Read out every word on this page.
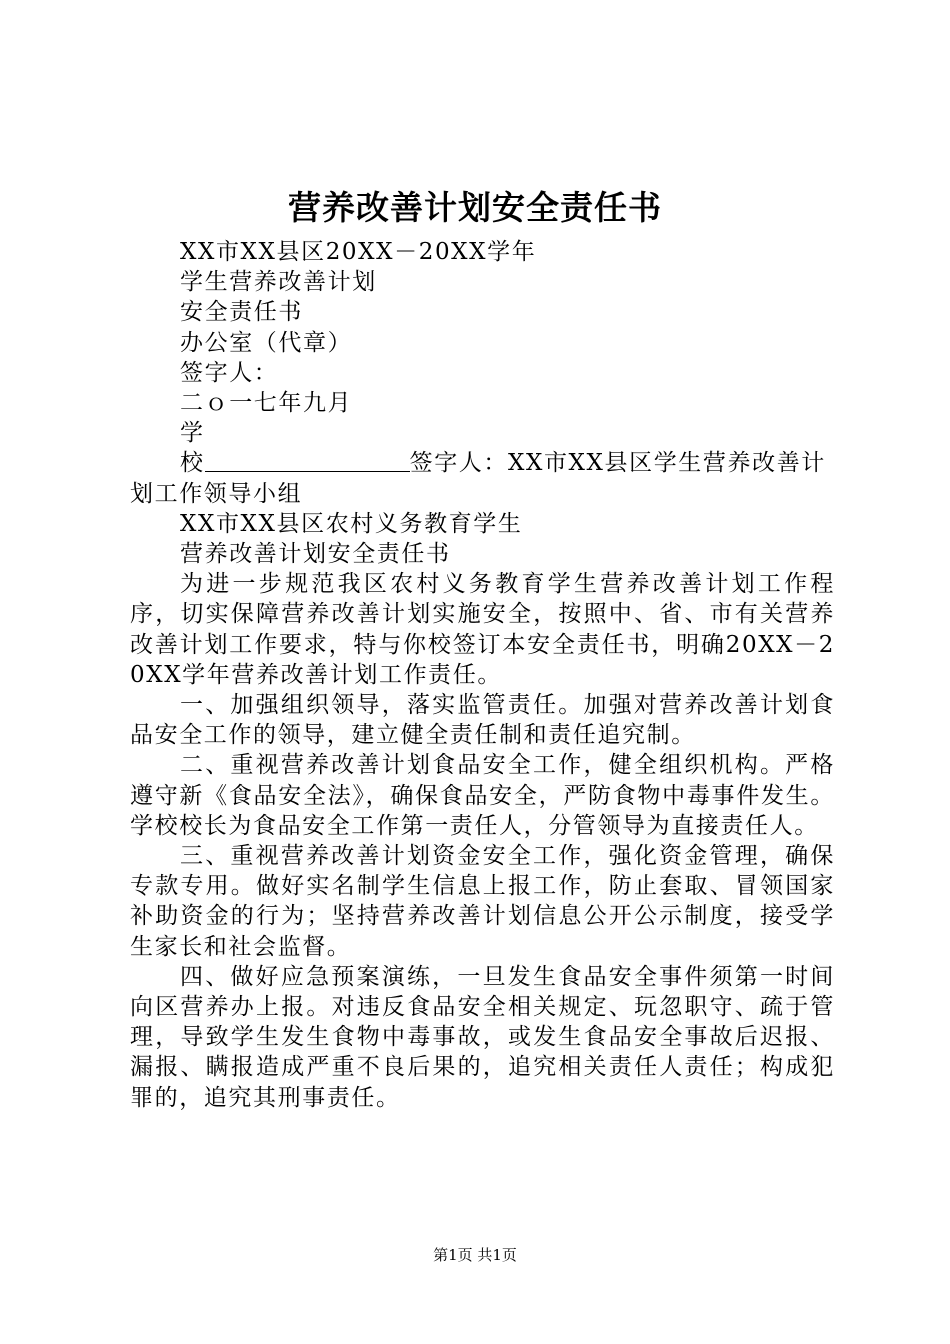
营养改善计划安全责任书
XX市XX县区20XX－20XX学年
学生营养改善计划
安全责任书
办公室（代章）
签字人：
二ｏ一七年九月
学
校	签字人：XX市XX县区学生营养改善计
划工作领导小组
XX市XX县区农村义务教育学生
营养改善计划安全责任书
为进一步规范我区农村义务教育学生营养改善计划工作程序，切实保障营养改善计划实施安全，按照中、省、市有关营养改善计划工作要求，特与你校签订本安全责任书，明确20XX－20XX学年营养改善计划工作责任。
一、加强组织领导，落实监管责任。加强对营养改善计划食品安全工作的领导，建立健全责任制和责任追究制。
二、重视营养改善计划食品安全工作，健全组织机构。严格遵守新《食品安全法》，确保食品安全，严防食物中毒事件发生。学校校长为食品安全工作第一责任人，分管领导为直接责任人。
三、重视营养改善计划资金安全工作，强化资金管理，确保专款专用。做好实名制学生信息上报工作，防止套取、冒领国家补助资金的行为；坚持营养改善计划信息公开公示制度，接受学生家长和社会监督。
四、做好应急预案演练，一旦发生食品安全事件须第一时间向区营养办上报。对违反食品安全相关规定、玩忽职守、疏于管理，导致学生发生食物中毒事故，或发生食品安全事故后迟报、漏报、瞒报造成严重不良后果的，追究相关责任人责任；构成犯罪的，追究其刑事责任。
第1页 共1页
